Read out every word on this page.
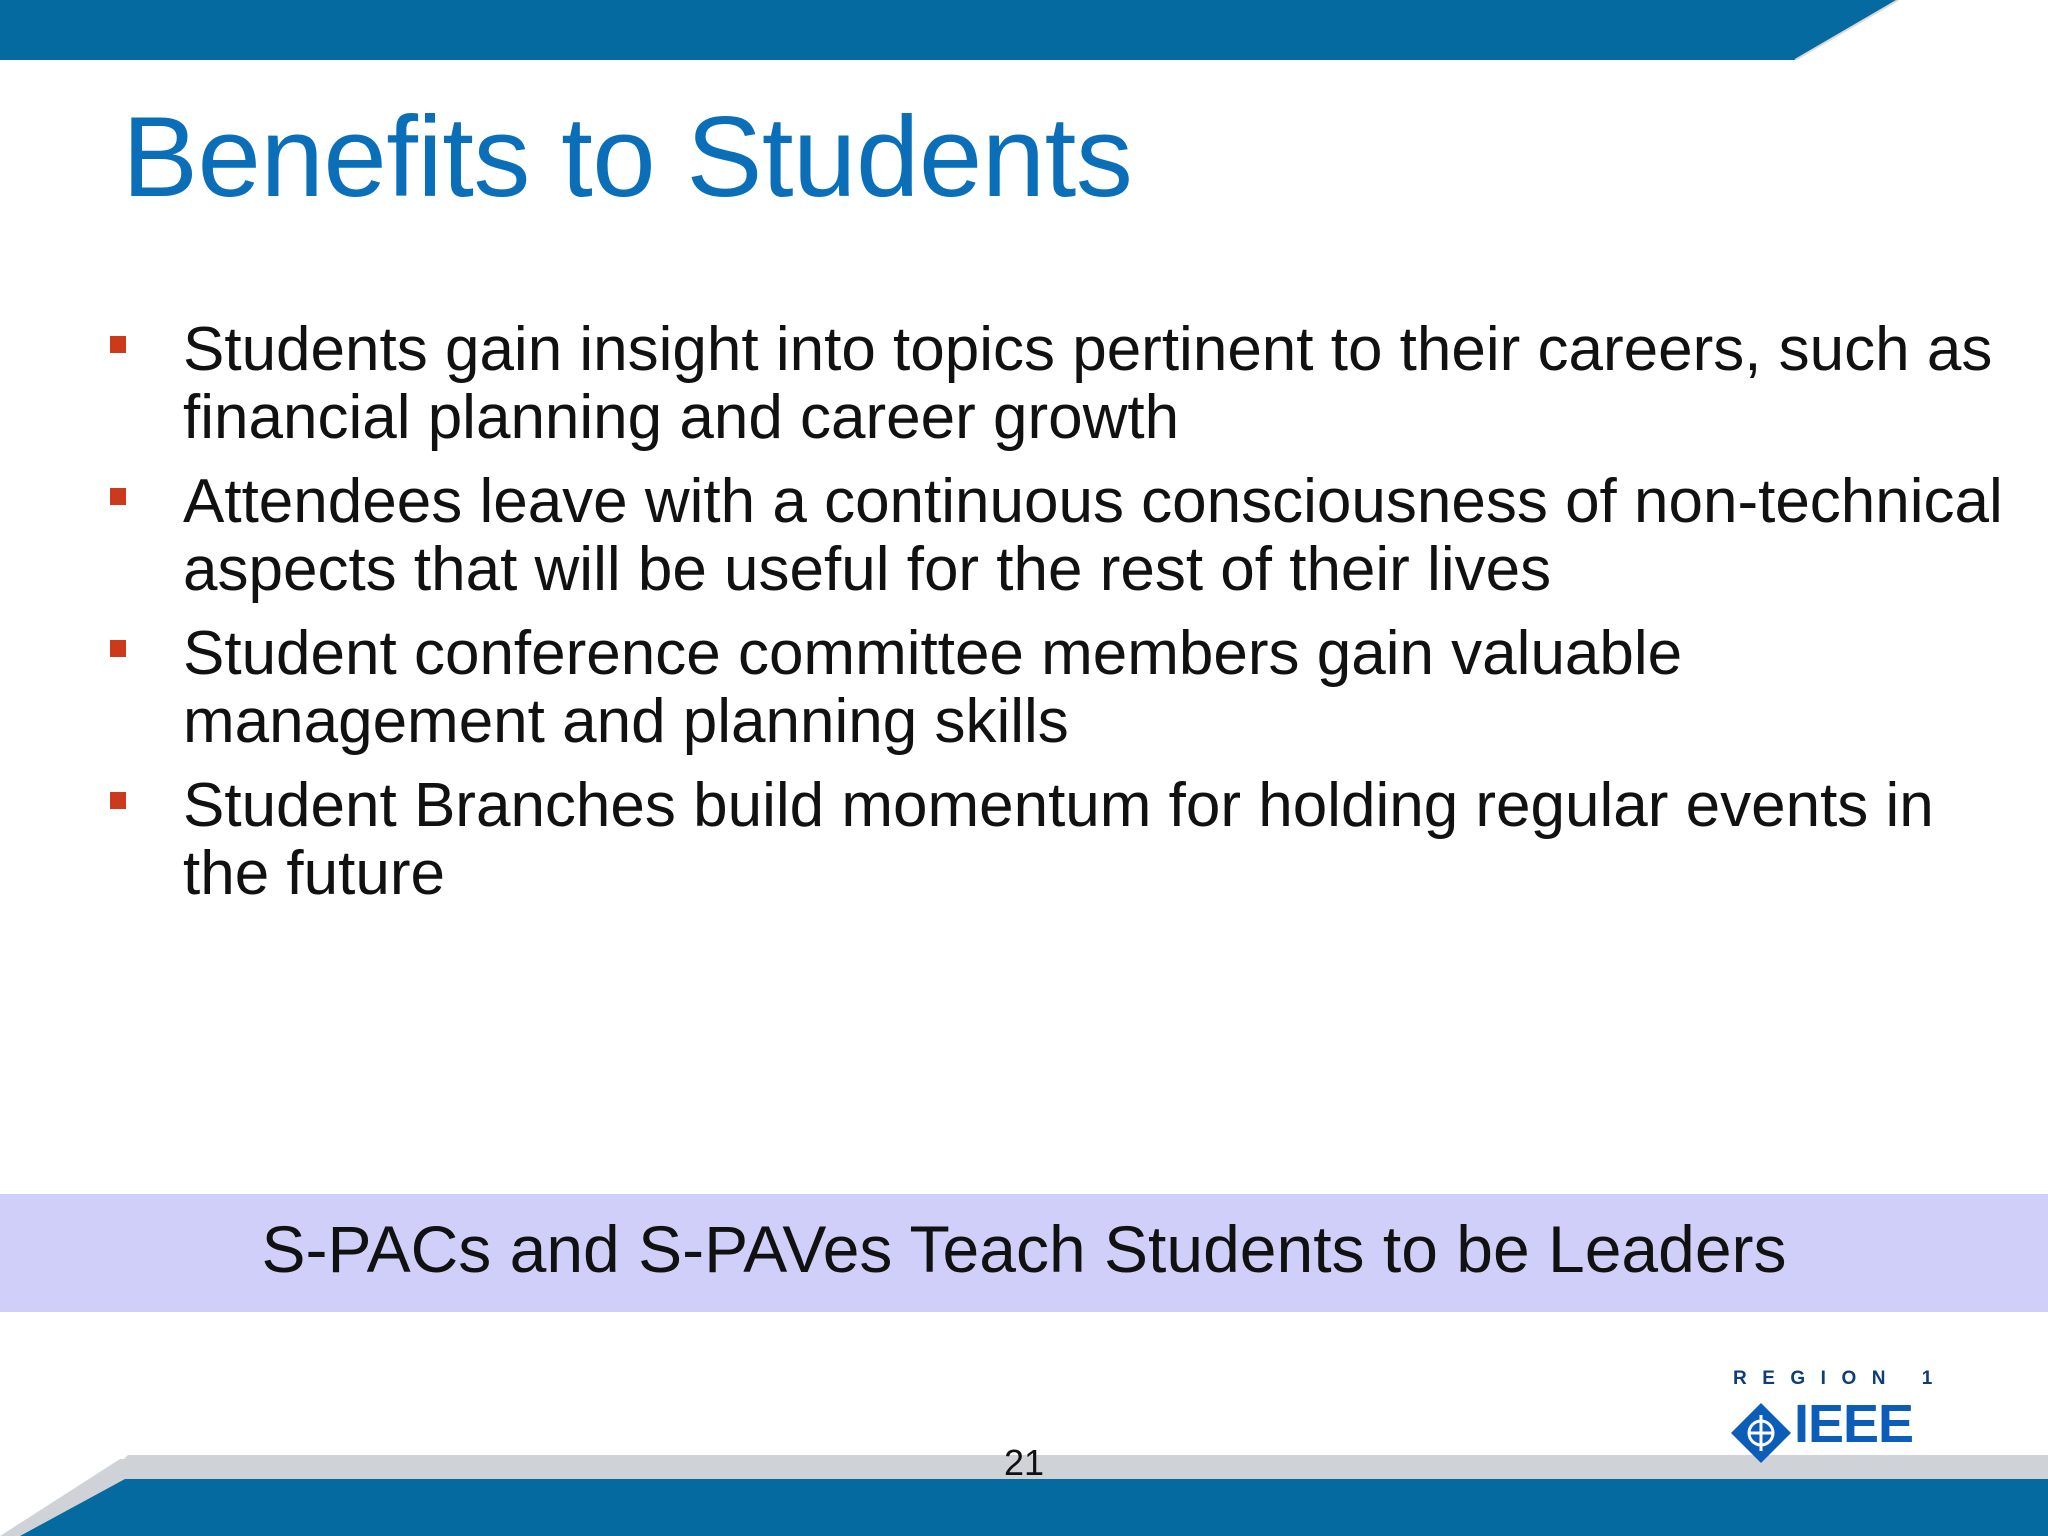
Benefits to Students
Students gain insight into topics pertinent to their careers, such as financial planning and career growth
Attendees leave with a continuous consciousness of non-technical aspects that will be useful for the rest of their lives
Student conference committee members gain valuable management and planning skills
Student Branches build momentum for holding regular events in the future
S-PACs and S-PAVes Teach Students to be Leaders
21
REGION 1
IEEE
